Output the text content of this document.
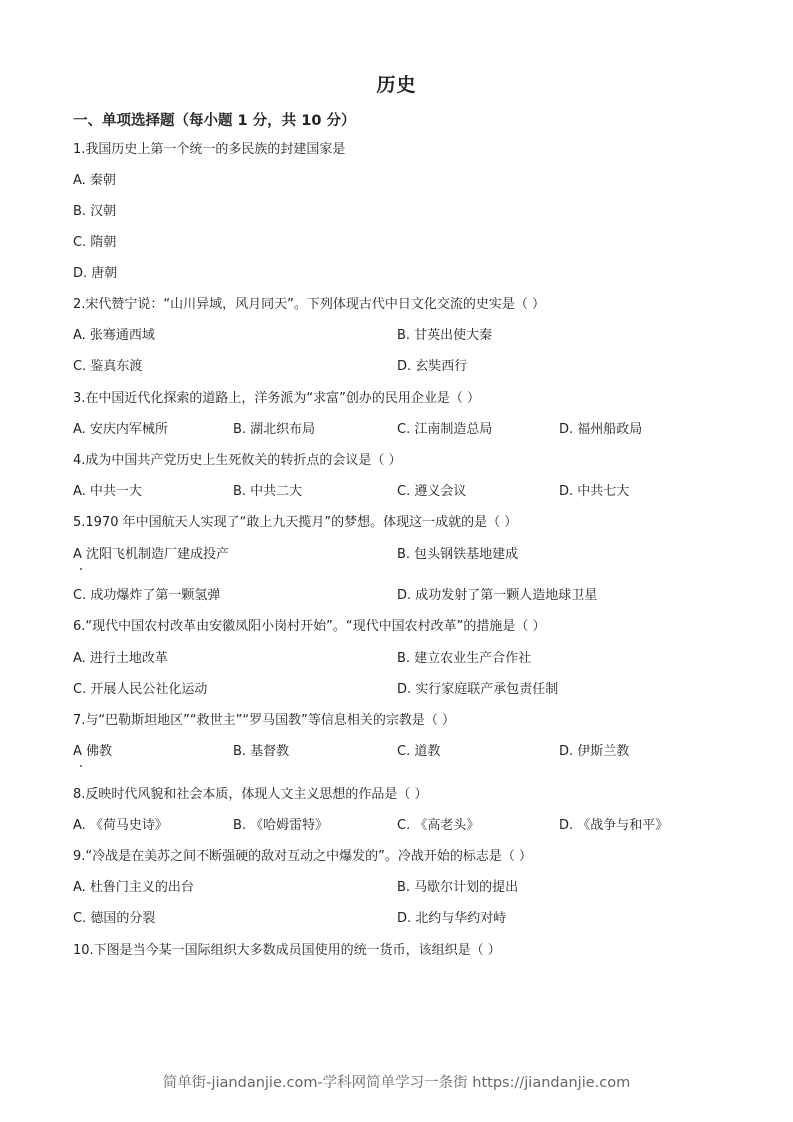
历史
一、单项选择题（每小题 1 分，共 10 分）
1.我国历史上第一个统一的多民族的封建国家是
A. 秦朝
B. 汉朝
C. 隋朝
D. 唐朝
2.宋代赞宁说：“山川异域，风月同天”。下列体现古代中日文化交流的史实是（ ）
A. 张骞通西域	B. 甘英出使大秦
C. 鉴真东渡	D. 玄奘西行
3.在中国近代化探索的道路上，洋务派为“求富”创办的民用企业是（ ）
A. 安庆内军械所	B. 湖北织布局	C. 江南制造总局	D. 福州船政局
4.成为中国共产党历史上生死攸关的转折点的会议是（ ）
A. 中共一大	B. 中共二大	C. 遵义会议	D. 中共七大
5.1970 年中国航天人实现了“敢上九天揽月”的梦想。体现这一成就的是（ ）
A 沈阳飞机制造厂建成投产	B. 包头钢铁基地建成
C. 成功爆炸了第一颗氢弹	D. 成功发射了第一颗人造地球卫星
6.“现代中国农村改革由安徽凤阳小岗村开始”。“现代中国农村改革”的措施是（ ）
A. 进行土地改革	B. 建立农业生产合作社
C. 开展人民公社化运动	D. 实行家庭联产承包责任制
7.与“巴勒斯坦地区”“救世主”“罗马国教”等信息相关的宗教是（ ）
A 佛教	B. 基督教	C. 道教	D. 伊斯兰教
8.反映时代风貌和社会本质，体现人文主义思想的作品是（ ）
A. 《荷马史诗》	B. 《哈姆雷特》	C. 《高老头》	D. 《战争与和平》
9.“冷战是在美苏之间不断强硬的敌对互动之中爆发的”。冷战开始的标志是（ ）
A. 杜鲁门主义的出台	B. 马歇尔计划的提出
C. 德国的分裂	D. 北约与华约对峙
10.下图是当今某一国际组织大多数成员国使用的统一货币，该组织是（ ）
简单街-jiandanjie.com-学科网简单学习一条街 https://jiandanjie.com
